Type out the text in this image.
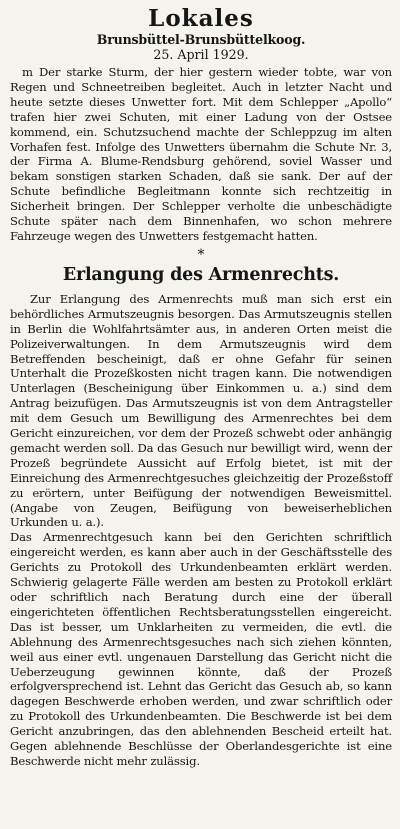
Lokales
Brunsbüttel-Brunsbüttelkoog.
25. April 1929.

m Der starke Sturm, der hier gestern wieder tobte, war von Regen und Schneetreiben begleitet. Auch in letzter Nacht und heute setzte dieses Unwetter fort. Mit dem Schlepper „Apollo“ trafen hier zwei Schuten, mit einer Ladung von der Ostsee kommend, ein. Schutzsuchend machte der Schleppzug im alten Vorhafen fest. Infolge des Unwetters übernahm die Schute Nr. 3, der Firma A. Blume-Rendsburg gehörend, soviel Wasser und bekam sonstigen starken Schaden, daß sie sank. Der auf der Schute befindliche Begleitmann konnte sich rechtzeitig in Sicherheit bringen. Der Schlepper verholte die unbeschädigte Schute später nach dem Binnenhafen, wo schon mehrere Fahrzeuge wegen des Unwetters festgemacht hatten.

*
Erlangung des Armenrechts.

Zur Erlangung des Armenrechts muß man sich erst ein behördliches Armutszeugnis besorgen. Das Armutszeugnis stellen in Berlin die Wohlfahrtsämter aus, in anderen Orten meist die Polizeiverwaltungen. In dem Armutszeugnis wird dem Betreffenden bescheinigt, daß er ohne Gefahr für seinen Unterhalt die Prozeßkosten nicht tragen kann. Die notwendigen Unterlagen (Bescheinigung über Einkommen u. a.) sind dem Antrag beizufügen. Das Armutszeugnis ist von dem Antragsteller mit dem Gesuch um Bewilligung des Armenrechtes bei dem Gericht einzureichen, vor dem der Prozeß schwebt oder anhängig gemacht werden soll. Da das Gesuch nur bewilligt wird, wenn der Prozeß begründete Aussicht auf Erfolg bietet, ist mit der Einreichung des Armenrechtgesuches gleichzeitig der Prozeßstoff zu erörtern, unter Beifügung der notwendigen Beweismittel. (Angabe von Zeugen, Beifügung von beweiserheblichen Urkunden u. a.).

Das Armenrechtgesuch kann bei den Gerichten schriftlich eingereicht werden, es kann aber auch in der Geschäftsstelle des Gerichts zu Protokoll des Urkundenbeamten erklärt werden. Schwierig gelagerte Fälle werden am besten zu Protokoll erklärt oder schriftlich nach Beratung durch eine der überall eingerichteten öffentlichen Rechtsberatungsstellen eingereicht. Das ist besser, um Unklarheiten zu vermeiden, die evtl. die Ablehnung des Armenrechtsgesuches nach sich ziehen könnten, weil aus einer evtl. ungenauen Darstellung das Gericht nicht die Ueberzeugung gewinnen könnte, daß der Prozeß erfolgversprechend ist. Lehnt das Gericht das Gesuch ab, so kann dagegen Beschwerde erhoben werden, und zwar schriftlich oder zu Protokoll des Urkundenbeamten. Die Beschwerde ist bei dem Gericht anzubringen, das den ablehnenden Bescheid erteilt hat. Gegen ablehnende Beschlüsse der Oberlandesgerichte ist eine Beschwerde nicht mehr zulässig.
